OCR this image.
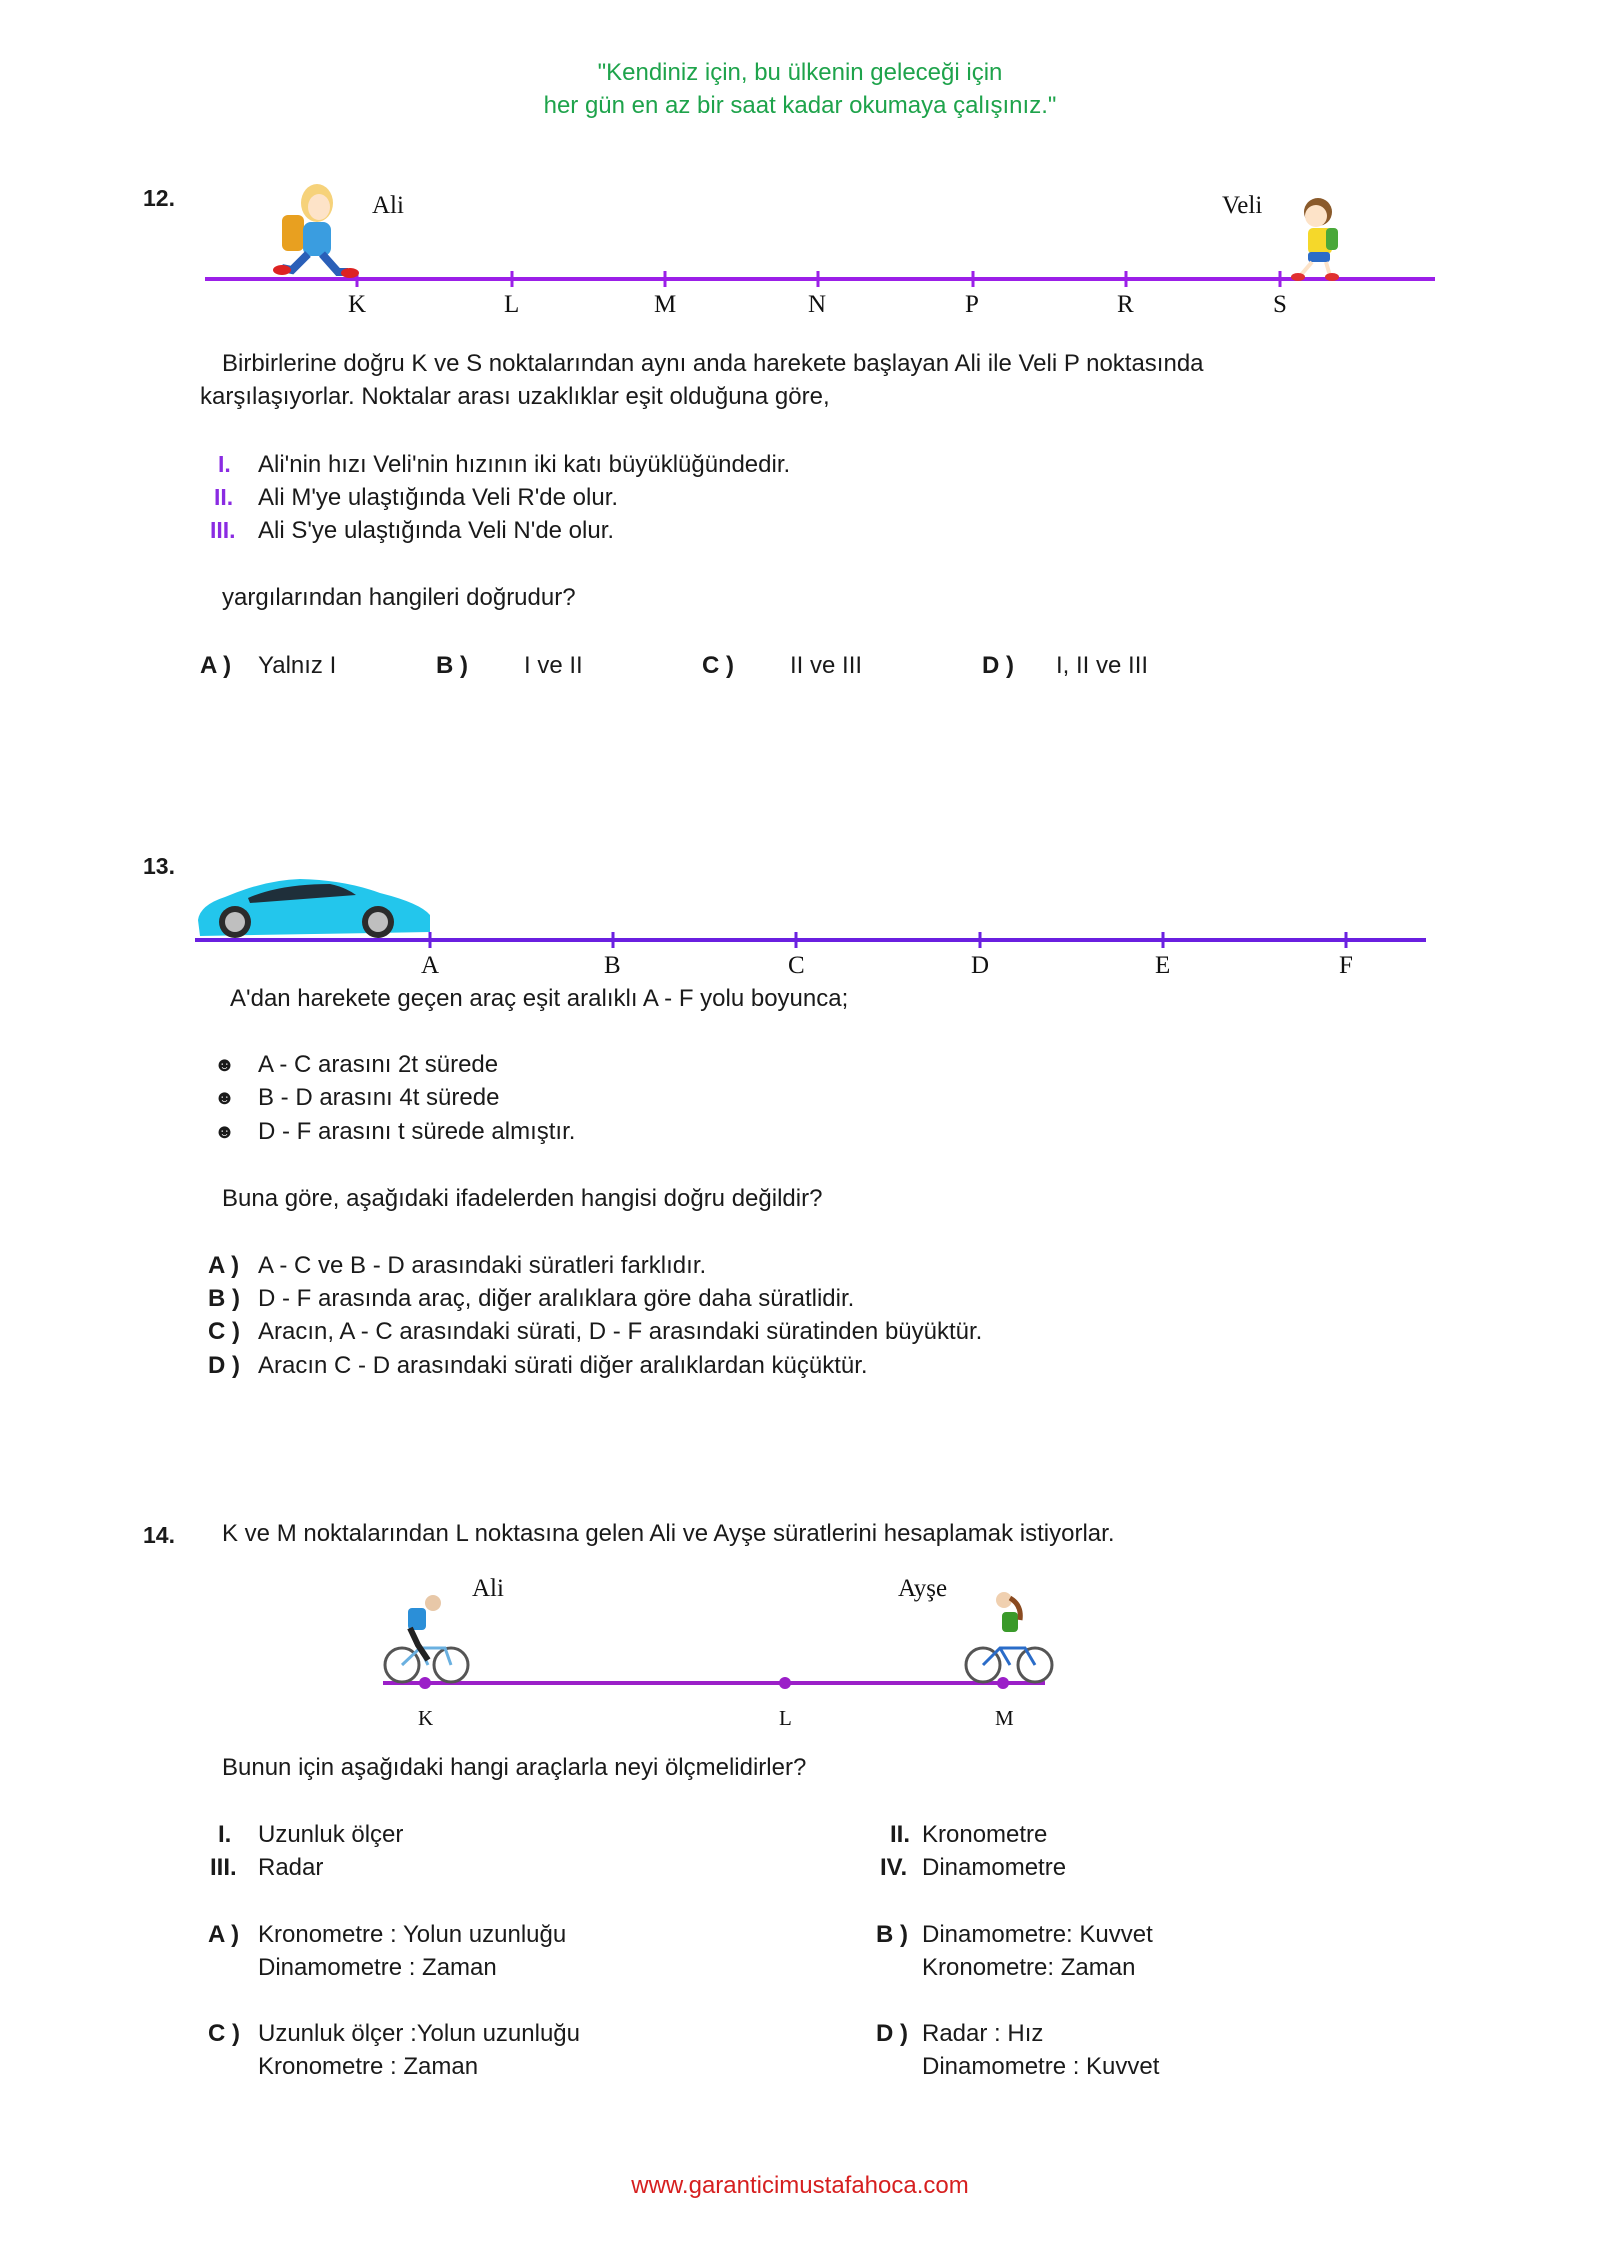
"Kendiniz için, bu ülkenin geleceği için
her gün en az bir saat kadar okumaya çalışınız."
12.	Ali	Veli
K	L	M	N	P	R	S
Birbirlerine doğru K ve S noktalarından aynı anda harekete başlayan Ali ile Veli P noktasında
karşılaşıyorlar. Noktalar arası uzaklıklar eşit olduğuna göre,
I. Ali'nin hızı Veli'nin hızının iki katı büyüklüğündedir.
II. Ali M'ye ulaştığında Veli R'de olur.
III. Ali S'ye ulaştığında Veli N'de olur.
yargılarından hangileri doğrudur?
A ) Yalnız I	B ) I ve II	C ) II ve III	D ) I, II ve III
13.
A	B	C	D	E	F
A'dan harekete geçen araç eşit aralıklı A - F yolu boyunca;
☻ A - C arasını 2t sürede
☻ B - D arasını 4t sürede
☻ D - F arasını t sürede almıştır.
Buna göre, aşağıdaki ifadelerden hangisi doğru değildir?
A ) A - C ve B - D arasındaki süratleri farklıdır.
B ) D - F arasında araç, diğer aralıklara göre daha süratlidir.
C ) Aracın, A - C arasındaki sürati, D - F arasındaki süratinden büyüktür.
D ) Aracın C - D arasındaki sürati diğer aralıklardan küçüktür.
14. K ve M noktalarından L noktasına gelen Ali ve Ayşe süratlerini hesaplamak istiyorlar.
Ali	Ayşe
K	L	M
Bunun için aşağıdaki hangi araçlarla neyi ölçmelidirler?
I. Uzunluk ölçer	II. Kronometre
III. Radar	IV. Dinamometre
A ) Kronometre : Yolun uzunluğu
Dinamometre : Zaman
B ) Dinamometre: Kuvvet
Kronometre: Zaman
C ) Uzunluk ölçer :Yolun uzunluğu
Kronometre : Zaman
D ) Radar : Hız
Dinamometre : Kuvvet
www.garanticimustafahoca.com
